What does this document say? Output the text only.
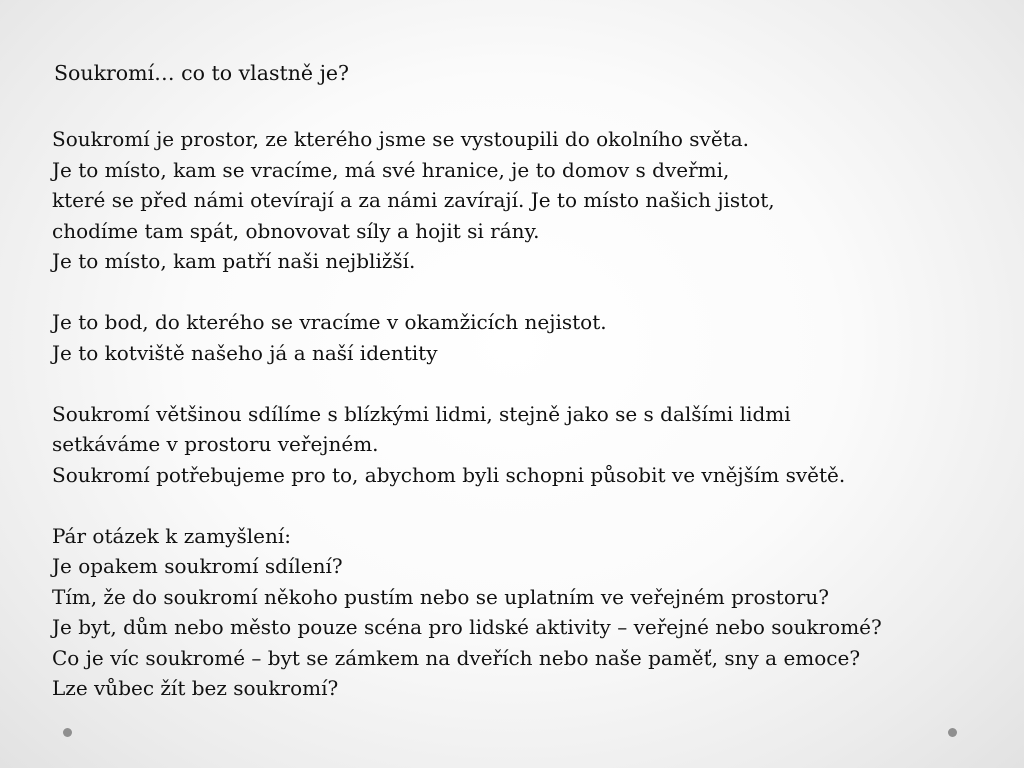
Soukromí… co to vlastně je?

Soukromí je prostor, ze kterého jsme se vystoupili do okolního světa.
Je to místo, kam se vracíme, má své hranice, je to domov s dveřmi,
které se před námi otevírají a za námi zavírají. Je to místo našich jistot,
chodíme tam spát, obnovovat síly a hojit si rány.
Je to místo, kam patří naši nejbližší.

Je to bod, do kterého se vracíme v okamžicích nejistot.
Je to kotviště našeho já a naší identity

Soukromí většinou sdílíme s blízkými lidmi, stejně jako se s dalšími lidmi
setkáváme v prostoru veřejném.
Soukromí potřebujeme pro to, abychom byli schopni působit ve vnějším světě.

Pár otázek k zamyšlení:
Je opakem soukromí sdílení?
Tím, že do soukromí někoho pustím nebo se uplatním ve veřejném prostoru?
Je byt, dům nebo město pouze scéna pro lidské aktivity – veřejné nebo soukromé?
Co je víc soukromé – byt se zámkem na dveřích nebo naše paměť, sny a emoce?
Lze vůbec žít bez soukromí?
